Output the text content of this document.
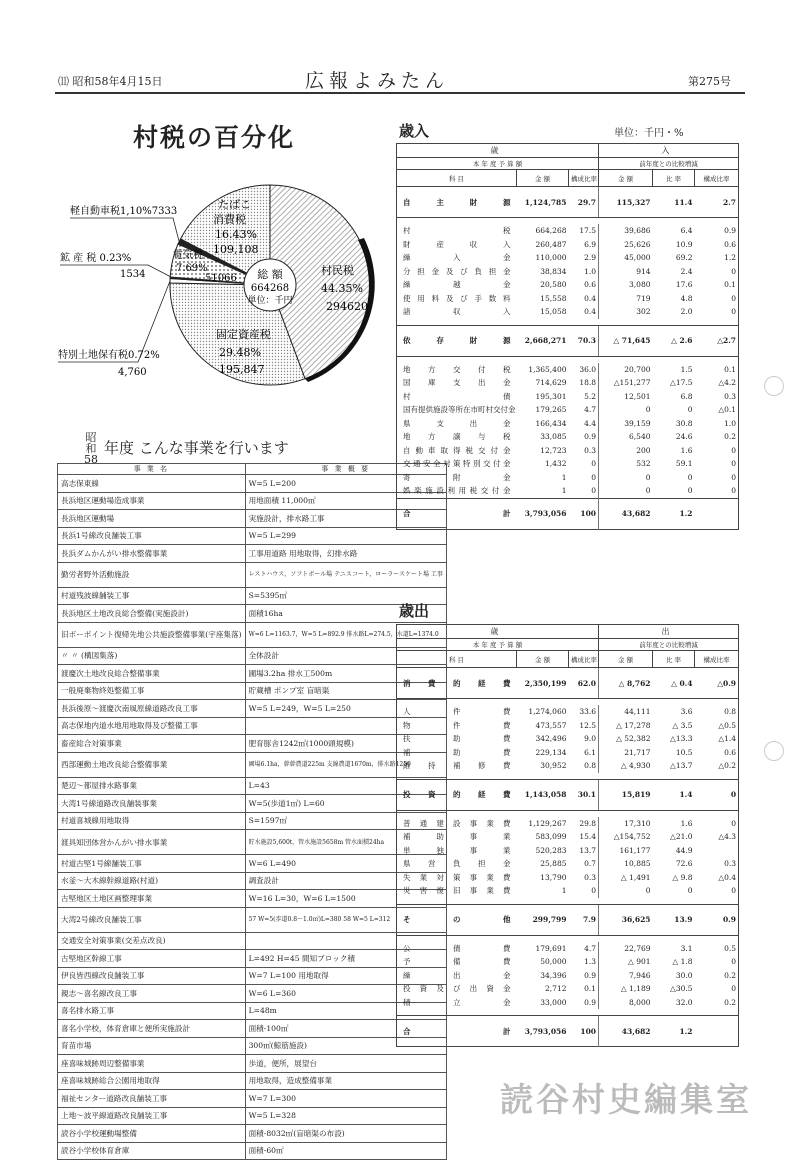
⑾ 昭和58年4月15日	広報よみたん	第275号
村税の百分化
総 額
664268
単位：千円
村民税
44.35%
294620
固定資産税
29.48%
195,847
たばこ
消費税
16.43%
109,108
電気税
7.69%
51066
鉱 産 税 0.23%
1534
軽自動車税1,10%7333
特別土地保有税0.72%
4,760
昭和58
年度 こんな事業を行います
事 業 名	事 業 概 要
高志保東線	W=5 L=200
長浜地区運動場造成事業	用地面積 11,000㎡
長浜地区運動場	実施設計，排水路工事
長浜1号線改良舗装工事	W=5 L=299
長浜ダムかんがい排水整備事業	工事用道路 用地取得，幻排水路
勤労者野外活動施設	レストハウス，ソフトボール場 テニスコート，ローラースケート場 工事
村道残波線舗装工事	S=5395㎡
長浜地区土地改良総合整備(実施設計)	面積16ha
旧ボーポイント復帰先地公共施設整備事業(宇座集落)	W=6 L=1163.7，W=5 L=892.9 排水路L=274.5，水道L=1374.0
〃 〃 (構図集落)	全体設計
渡慶次土地改良総合整備事業	圃場3.2ha 排水工500m
一般廃棄物終処整備工事	貯蔵槽 ポンプ室 盲暗渠
長浜後原～渡慶次南風原線道路改良工事	W=5 L=249，W=5 L=250
高志保地内道水地用地取得及び整備工事	
畜産総合対策事業	肥育豚舎1242㎡(1000頭規模)
西部運動土地改良総合整備事業	圃場6.1ha，幹幹農道225m 支線農道1670m，排水路1250
楚辺～都屋排水路事業	L=43
大湾1号線道路改良舗装事業	W=5(歩道1㎡) L=60
村道喜城線用地取得	S=1597㎡
渡具知団体営かんがい排水事業	貯水施設5,600t，管水施設5658m 管水面積24ha
村道古堅1号線舗装工事	W=6 L=490
水釜～大木線幹線道路(村道)	調査設計
古堅地区土地区画整理事業	W=16 L=30，W=6 L=1500
大湾2号線改良舗装工事	57 W=5(歩道0.8～1.0㎡)L=380 58 W=5 L=312
交通安全対策事業(交差点改良)	
古堅地区幹線工事	L=492 H=45 間知ブロック積
伊良皆西線改良舗装工事	W=7 L=100 用地取得
親志～喜名線改良工事	W=6 L=360
喜名排水路工事	L=48m
喜名小学校，体育倉庫と便所実施設計	面積-100㎡
育苗市場	300㎡(鯨筋施設)
座喜味城跡周辺整備事業	歩道，便所，展望台
座喜味城跡総合公園用地取得	用地取得，造成整備事業
福祉センター道路改良舗装工事	W=7 L=300
上地～波平線道路改良舗装工事	W=5 L=328
読谷小学校運動場整備	面積-8032㎡(盲暗渠の布設)
読谷小学校体育倉庫	面積-60㎡
歳入	単位：千円・%
歳			入		
本 年 度 予 算 額			前年度との比較増減		
科 目	金 額	構成比率	金 額	比 率	構成比率
自 主 財 源	1,124,785	29.7	115,327	11.4	2.7

村 税	664,268	17.5	39,686	6.4	0.9
財 産 収 入	260,487	6.9	25,626	10.9	0.6
繰 入 金	110,000	2.9	45,000	69.2	1.2
分担金及び負担金	38,834	1.0	914	2.4	0
繰 越 金	20,580	0.6	3,080	17.6	0.1
使用料及び手数料	15,558	0.4	719	4.8	0
諸 収 入	15,058	0.4	302	2.0	0

依 存 財 源	2,668,271	70.3	△ 71,645	△ 2.6	△2.7

地 方 交 付 税	1,365,400	36.0	20,700	1.5	0.1
国 庫 支 出 金	714,629	18.8	△151,277	△17.5	△4.2
村 債	195,301	5.2	12,501	6.8	0.3
国有提供施設等所在市町村交付金	179,265	4.7	0	0	△0.1
県 支 出 金	166,434	4.4	39,159	30.8	1.0
地 方 譲 与 税	33,085	0.9	6,540	24.6	0.2
自動車取得税交付金	12,723	0.3	200	1.6	0
交通安全対策特別交付金	1,432	0	532	59.1	0
寄 附 金	1	0	0	0	0
娯楽施設利用税交付金	1	0	0	0	0
合 計	3,793,056	100	43,682	1.2	
歳出
歳			出		
本 年 度 予 算 額			前年度との比較増減		
科 目	金 額	構成比率	金 額	比 率	構成比率
消 費 的 経 費	2,350,199	62.0	△ 8,762	△ 0.4	△0.9

人 件 費	1,274,060	33.6	44,111	3.6	0.8
物 件 費	473,557	12.5	△ 17,278	△ 3.5	△0.5
扶 助 費	342,496	9.0	△ 52,382	△13.3	△1.4
補 助 費	229,134	6.1	21,717	10.5	0.6
維 持 補 修 費	30,952	0.8	△ 4,930	△13.7	△0.2

投 資 的 経 費	1,143,058	30.1	15,819	1.4	0

普通建設事業費	1,129,267	29.8	17,310	1.6	0
補 助 事 業	583,099	15.4	△154,752	△21.0	△4.3
単 独 事 業	520,283	13.7	161,177	44.9	
県 営 負 担 金	25,885	0.7	10,885	72.6	0.3
失業対策事業費	13,790	0.3	△ 1,491	△ 9.8	△0.4
災害復旧事業費	1	0	0	0	0

そ の 他	299,799	7.9	36,625	13.9	0.9

公 債 費	179,691	4.7	22,769	3.1	0.5
予 備 費	50,000	1.3	△ 901	△ 1.8	0
繰 出 金	34,396	0.9	7,946	30.0	0.2
投資及び出資金	2,712	0.1	△ 1,189	△30.5	0
積 立 金	33,000	0.9	8,000	32.0	0.2

合 計	3,793,056	100	43,682	1.2	
読谷村史編集室
